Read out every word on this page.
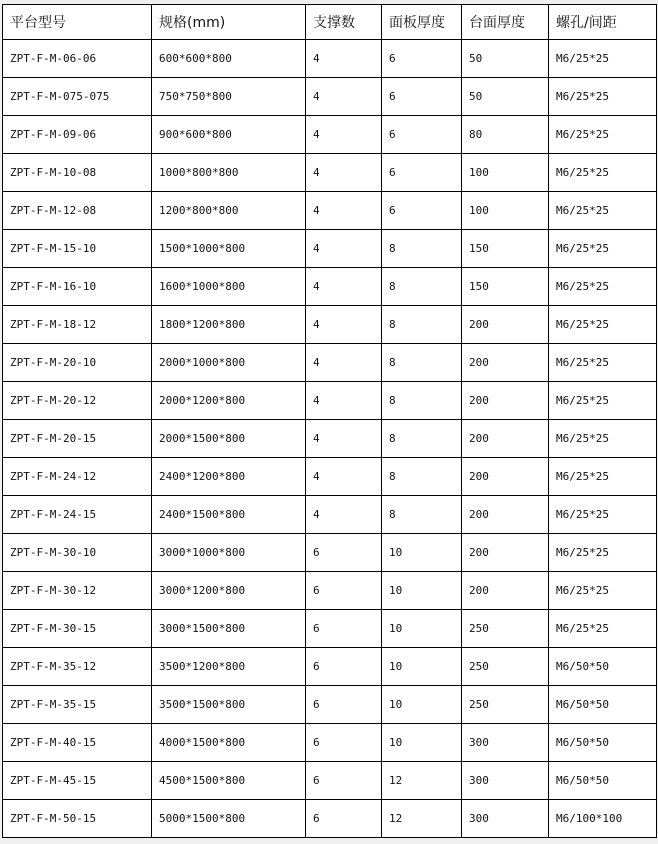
平台型号	规格(mm)	支撑数	面板厚度	台面厚度	螺孔/间距
ZPT-F-M-06-06	600*600*800	4	6	50	M6/25*25
ZPT-F-M-075-075	750*750*800	4	6	50	M6/25*25
ZPT-F-M-09-06	900*600*800	4	6	80	M6/25*25
ZPT-F-M-10-08	1000*800*800	4	6	100	M6/25*25
ZPT-F-M-12-08	1200*800*800	4	6	100	M6/25*25
ZPT-F-M-15-10	1500*1000*800	4	8	150	M6/25*25
ZPT-F-M-16-10	1600*1000*800	4	8	150	M6/25*25
ZPT-F-M-18-12	1800*1200*800	4	8	200	M6/25*25
ZPT-F-M-20-10	2000*1000*800	4	8	200	M6/25*25
ZPT-F-M-20-12	2000*1200*800	4	8	200	M6/25*25
ZPT-F-M-20-15	2000*1500*800	4	8	200	M6/25*25
ZPT-F-M-24-12	2400*1200*800	4	8	200	M6/25*25
ZPT-F-M-24-15	2400*1500*800	4	8	200	M6/25*25
ZPT-F-M-30-10	3000*1000*800	6	10	200	M6/25*25
ZPT-F-M-30-12	3000*1200*800	6	10	200	M6/25*25
ZPT-F-M-30-15	3000*1500*800	6	10	250	M6/25*25
ZPT-F-M-35-12	3500*1200*800	6	10	250	M6/50*50
ZPT-F-M-35-15	3500*1500*800	6	10	250	M6/50*50
ZPT-F-M-40-15	4000*1500*800	6	10	300	M6/50*50
ZPT-F-M-45-15	4500*1500*800	6	12	300	M6/50*50
ZPT-F-M-50-15	5000*1500*800	6	12	300	M6/100*100
